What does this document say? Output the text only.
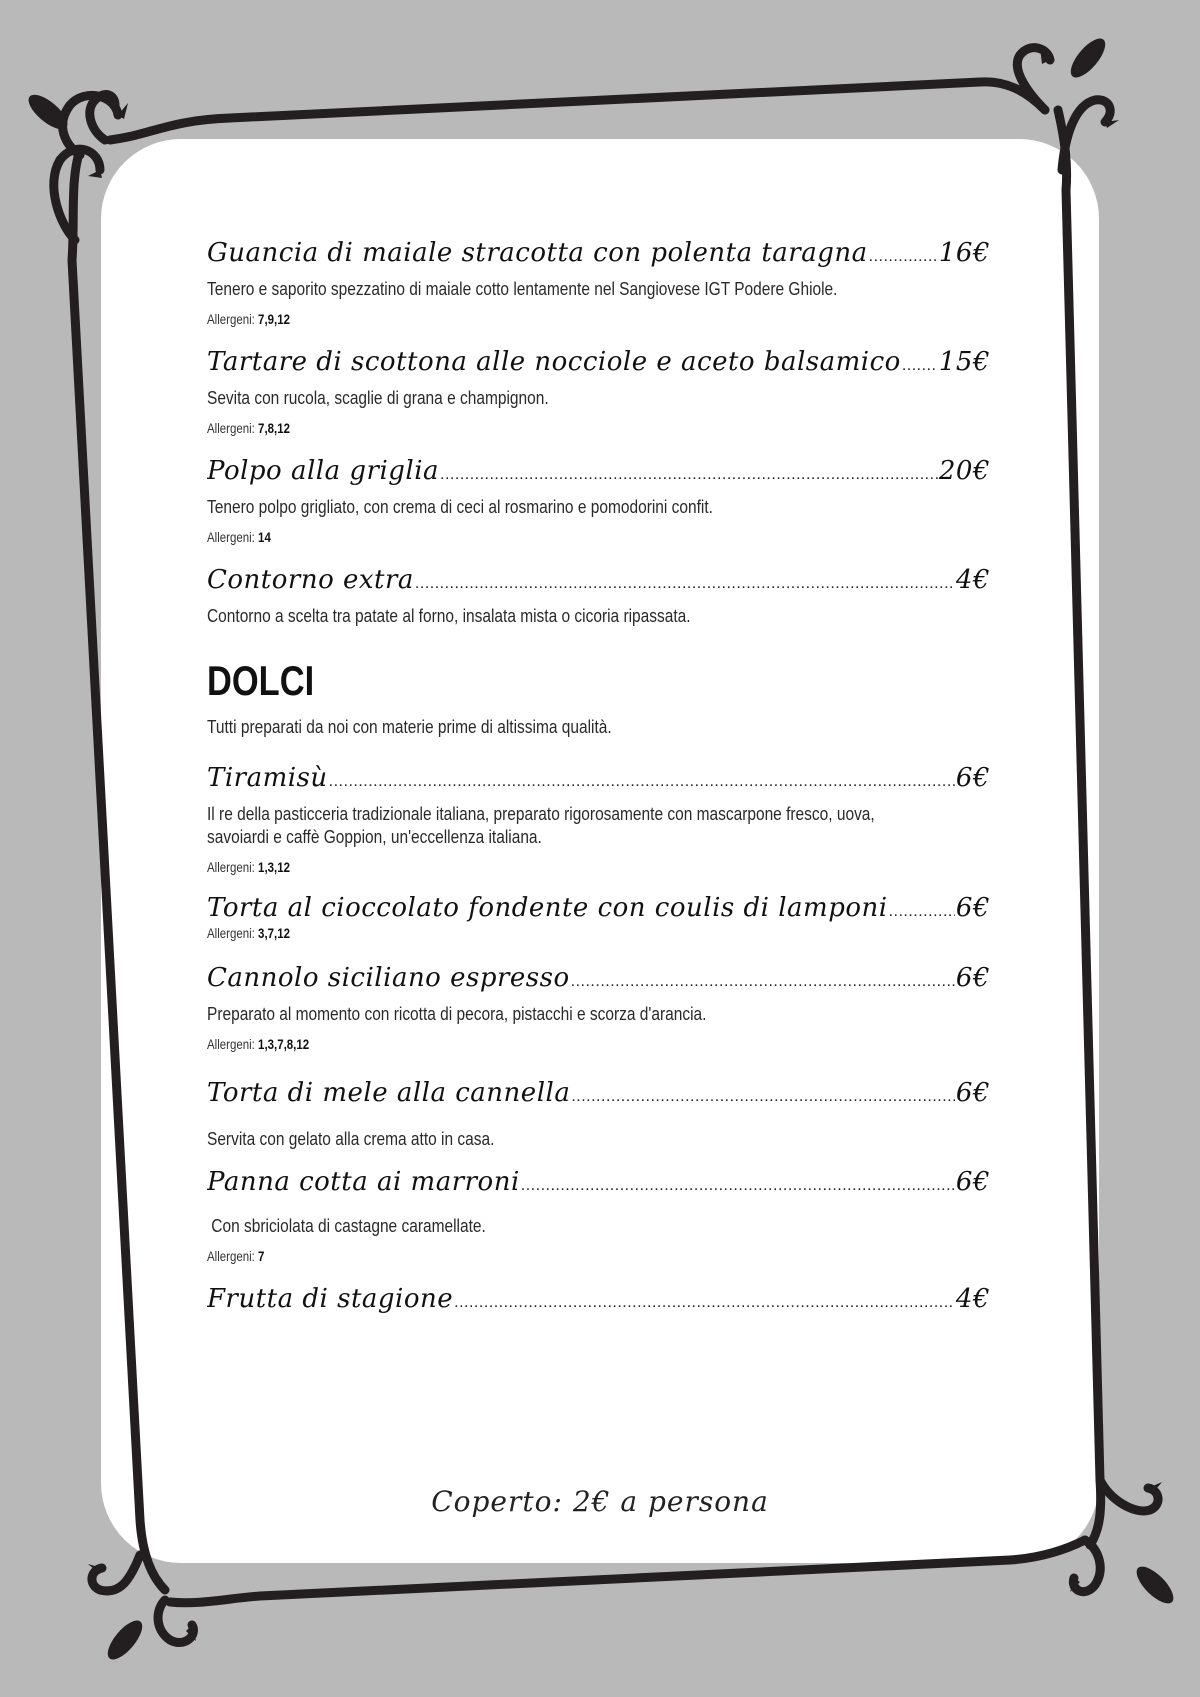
Guancia di maiale stracotta con polenta taragna .....	16€
Tenero e saporito spezzatino di maiale cotto lentamente nel Sangiovese IGT Podere Ghiole.
Allergeni: 7,9,12
Tartare di scottona alle nocciole e aceto balsamico ..... 15€
Sevita con rucola, scaglie di grana e champignon.
Allergeni: 7,8,12
Polpo alla griglia .....	20€
Tenero polpo grigliato, con crema di ceci al rosmarino e pomodorini confit.
Allergeni: 14
Contorno extra .....	4€
Contorno a scelta tra patate al forno, insalata mista o cicoria ripassata.
DOLCI
Tutti preparati da noi con materie prime di altissima qualità.
Tiramisù .....	6€
Il re della pasticceria tradizionale italiana, preparato rigorosamente con mascarpone fresco, uova, savoiardi e caffè Goppion, un'eccellenza italiana.
Allergeni: 1,3,12
Torta al cioccolato fondente con coulis di lamponi .....	6€
Allergeni: 3,7,12
Cannolo siciliano espresso .....	6€
Preparato al momento con ricotta di pecora, pistacchi e scorza d'arancia.
Allergeni: 1,3,7,8,12
Torta di mele alla cannella .....	6€
Servita con gelato alla crema atto in casa.
Panna cotta ai marroni .....	6€
Con sbriciolata di castagne caramellate.
Allergeni: 7
Frutta di stagione .....	4€
Coperto: 2€ a persona
